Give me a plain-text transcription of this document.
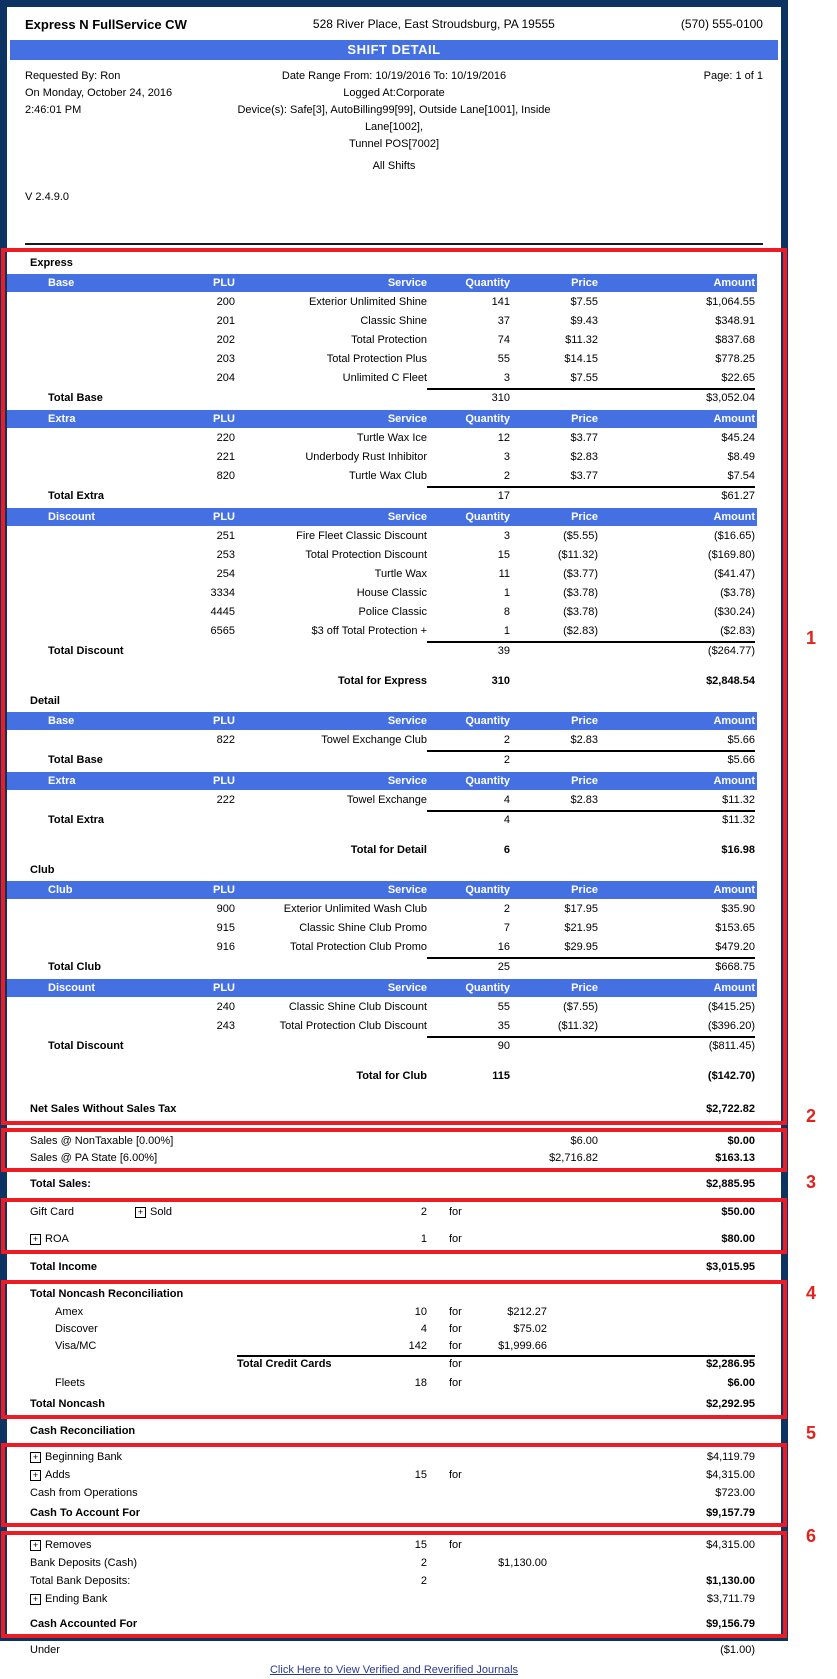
Express N FullService CW	528 River Place, East Stroudsburg, PA 19555	(570) 555-0100
SHIFT DETAIL
Requested By: Ron
On Monday, October 24, 2016
2:46:01 PM
Date Range From: 10/19/2016 To: 10/19/2016
Logged At:Corporate
Device(s): Safe[3], AutoBilling99[99], Outside Lane[1001], Inside Lane[1002],
Tunnel POS[7002]
All Shifts
Page: 1 of 1
V 2.4.9.0
Express
Base	PLU	Service	Quantity	Price	Amount
200	Exterior Unlimited Shine	141	$7.55	$1,064.55
201	Classic Shine	37	$9.43	$348.91
202	Total Protection	74	$11.32	$837.68
203	Total Protection Plus	55	$14.15	$778.25
204	Unlimited C Fleet	3	$7.55	$22.65
Total Base	310	$3,052.04
Extra	PLU	Service	Quantity	Price	Amount
220	Turtle Wax Ice	12	$3.77	$45.24
221	Underbody Rust Inhibitor	3	$2.83	$8.49
820	Turtle Wax Club	2	$3.77	$7.54
Total Extra	17	$61.27
Discount	PLU	Service	Quantity	Price	Amount
251	Fire Fleet Classic Discount	3	($5.55)	($16.65)
253	Total Protection Discount	15	($11.32)	($169.80)
254	Turtle Wax	11	($3.77)	($41.47)
3334	House Classic	1	($3.78)	($3.78)
4445	Police Classic	8	($3.78)	($30.24)
6565	$3 off Total Protection +	1	($2.83)	($2.83)
Total Discount	39	($264.77)
Total for Express	310	$2,848.54
Detail
Base	PLU	Service	Quantity	Price	Amount
822	Towel Exchange Club	2	$2.83	$5.66
Total Base	2	$5.66
Extra	PLU	Service	Quantity	Price	Amount
222	Towel Exchange	4	$2.83	$11.32
Total Extra	4	$11.32
Total for Detail	6	$16.98
Club
Club	PLU	Service	Quantity	Price	Amount
900	Exterior Unlimited Wash Club	2	$17.95	$35.90
915	Classic Shine Club Promo	7	$21.95	$153.65
916	Total Protection Club Promo	16	$29.95	$479.20
Total Club	25	$668.75
Discount	PLU	Service	Quantity	Price	Amount
240	Classic Shine Club Discount	55	($7.55)	($415.25)
243	Total Protection Club Discount	35	($11.32)	($396.20)
Total Discount	90	($811.45)
Total for Club	115	($142.70)
Net Sales Without Sales Tax	$2,722.82
Sales @ NonTaxable [0.00%]	$6.00	$0.00
Sales @ PA State [6.00%]	$2,716.82	$163.13
Total Sales:	$2,885.95
Gift Card	+ Sold	2	for	$50.00
+ ROA	1	for	$80.00
Total Income	$3,015.95
Total Noncash Reconciliation
Amex	10	for	$212.27
Discover	4	for	$75.02
Visa/MC	142	for	$1,999.66
Total Credit Cards	for	$2,286.95
Fleets	18	for	$6.00
Total Noncash	$2,292.95
Cash Reconciliation
+ Beginning Bank	$4,119.79
+ Adds	15	for	$4,315.00
Cash from Operations	$723.00
Cash To Account For	$9,157.79
+ Removes	15	for	$4,315.00
Bank Deposits (Cash)	2	$1,130.00
Total Bank Deposits:	2	$1,130.00
+ Ending Bank	$3,711.79
Cash Accounted For	$9,156.79
Under	($1.00)
Click Here to View Verified and Reverified Journals
1
2
3
4
5
6
